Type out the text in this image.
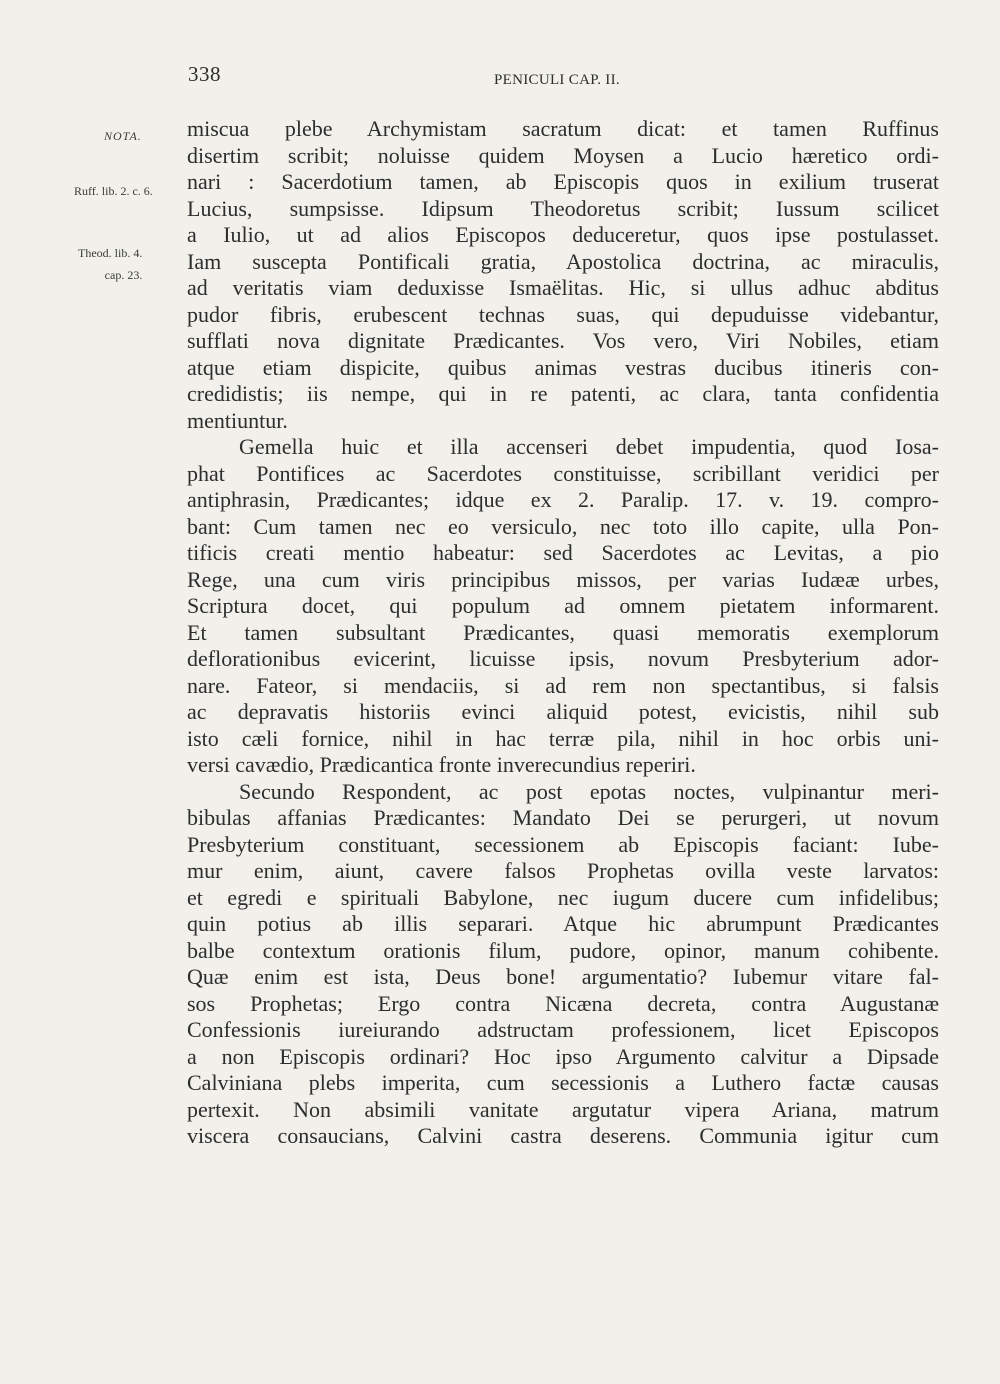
338	PENICULI CAP. II.
NOTA.
Ruff. lib. 2. c. 6.
Theod. lib. 4.
cap. 23.
miscua plebe Archymistam sacratum dicat: et tamen Ruffinus
disertim scribit; noluisse quidem Moysen a Lucio hæretico ordi-
nari : Sacerdotium tamen, ab Episcopis quos in exilium truserat
Lucius, sumpsisse. Idipsum Theodoretus scribit; Iussum scilicet
a Iulio, ut ad alios Episcopos deduceretur, quos ipse postulasset.
Iam suscepta Pontificali gratia, Apostolica doctrina, ac miraculis,
ad veritatis viam deduxisse Ismaëlitas. Hic, si ullus adhuc abditus
pudor fibris, erubescent technas suas, qui depuduisse videbantur,
sufflati nova dignitate Prædicantes. Vos vero, Viri Nobiles, etiam
atque etiam dispicite, quibus animas vestras ducibus itineris con-
credidistis; iis nempe, qui in re patenti, ac clara, tanta confidentia
mentiuntur.
Gemella huic et illa accenseri debet impudentia, quod Iosa-
phat Pontifices ac Sacerdotes constituisse, scribillant veridici per
antiphrasin, Prædicantes; idque ex 2. Paralip. 17. v. 19. compro-
bant: Cum tamen nec eo versiculo, nec toto illo capite, ulla Pon-
tificis creati mentio habeatur: sed Sacerdotes ac Levitas, a pio
Rege, una cum viris principibus missos, per varias Iudææ urbes,
Scriptura docet, qui populum ad omnem pietatem informarent.
Et tamen subsultant Prædicantes, quasi memoratis exemplorum
deflorationibus evicerint, licuisse ipsis, novum Presbyterium ador-
nare. Fateor, si mendaciis, si ad rem non spectantibus, si falsis
ac depravatis historiis evinci aliquid potest, evicistis, nihil sub
isto cæli fornice, nihil in hac terræ pila, nihil in hoc orbis uni-
versi cavædio, Prædicantica fronte inverecundius reperiri.
Secundo Respondent, ac post epotas noctes, vulpinantur meri-
bibulas affanias Prædicantes: Mandato Dei se perurgeri, ut novum
Presbyterium constituant, secessionem ab Episcopis faciant: Iube-
mur enim, aiunt, cavere falsos Prophetas ovilla veste larvatos:
et egredi e spirituali Babylone, nec iugum ducere cum infidelibus;
quin potius ab illis separari. Atque hic abrumpunt Prædicantes
balbe contextum orationis filum, pudore, opinor, manum cohibente.
Quæ enim est ista, Deus bone! argumentatio? Iubemur vitare fal-
sos Prophetas; Ergo contra Nicæna decreta, contra Augustanæ
Confessionis iureiurando adstructam professionem, licet Episcopos
a non Episcopis ordinari? Hoc ipso Argumento calvitur a Dipsade
Calviniana plebs imperita, cum secessionis a Luthero factæ causas
pertexit. Non absimili vanitate argutatur vipera Ariana, matrum
viscera consaucians, Calvini castra deserens. Communia igitur cum
